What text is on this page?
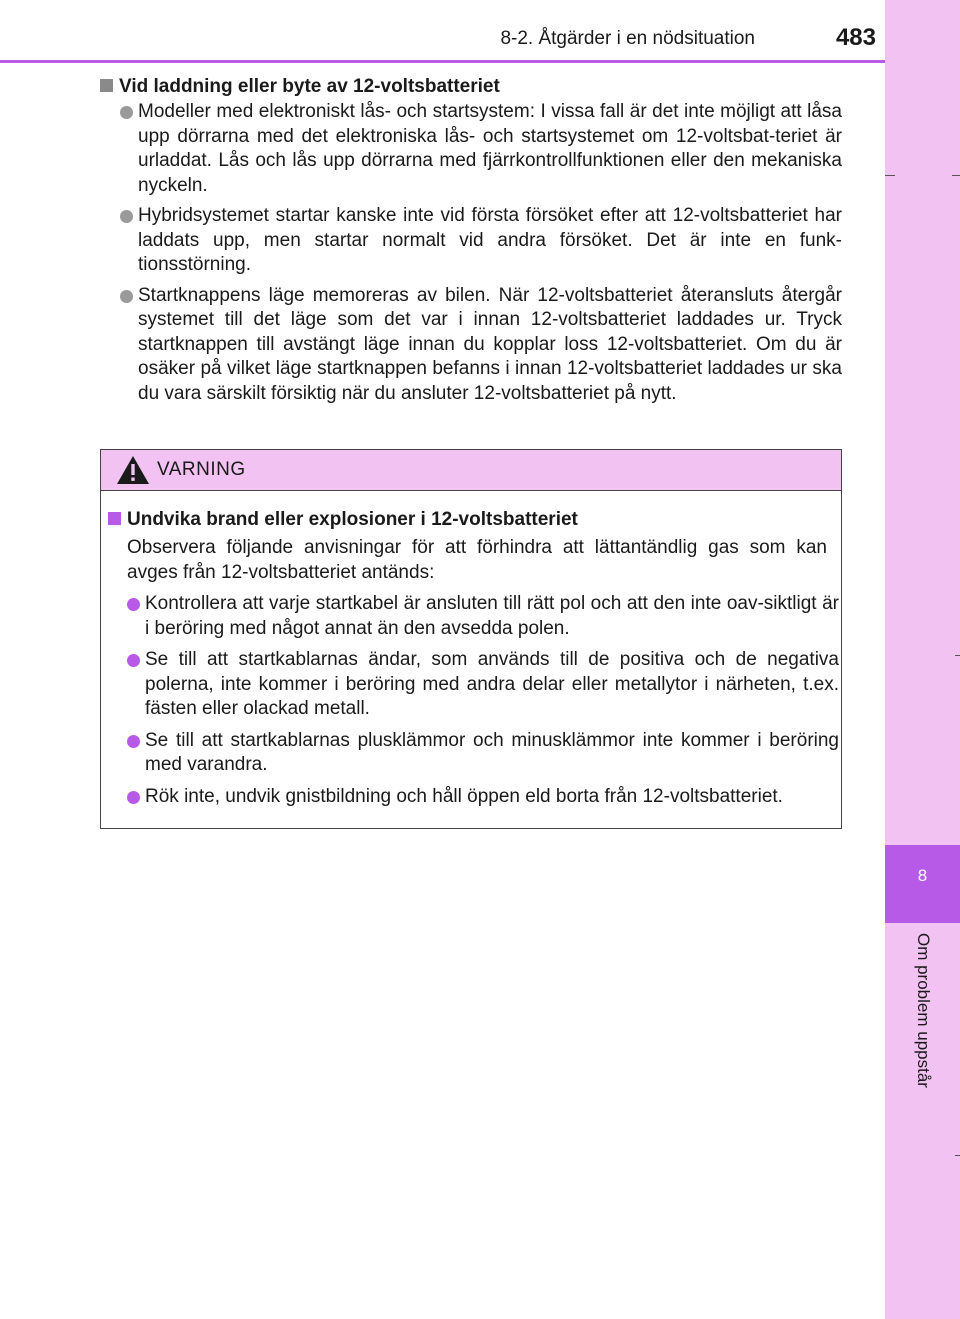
8
Om problem uppstår
8-2. Åtgärder i en nödsituation	483
Vid laddning eller byte av 12-voltsbatteriet
Modeller med elektroniskt lås- och startsystem: I vissa fall är det inte möjligt att låsa upp dörrarna med det elektroniska lås- och startsystemet om 12-voltsbat-teriet är urladdat. Lås och lås upp dörrarna med fjärrkontrollfunktionen eller den mekaniska nyckeln.
Hybridsystemet startar kanske inte vid första försöket efter att 12-voltsbatteriet har laddats upp, men startar normalt vid andra försöket. Det är inte en funk-tionsstörning.
Startknappens läge memoreras av bilen. När 12-voltsbatteriet återansluts återgår systemet till det läge som det var i innan 12-voltsbatteriet laddades ur. Tryck startknappen till avstängt läge innan du kopplar loss 12-voltsbatteriet. Om du är osäker på vilket läge startknappen befanns i innan 12-voltsbatteriet laddades ur ska du vara särskilt försiktig när du ansluter 12-voltsbatteriet på nytt.
VARNING
Undvika brand eller explosioner i 12-voltsbatteriet
Observera följande anvisningar för att förhindra att lättantändlig gas som kan avges från 12-voltsbatteriet antänds:
Kontrollera att varje startkabel är ansluten till rätt pol och att den inte oav-siktligt är i beröring med något annat än den avsedda polen.
Se till att startkablarnas ändar, som används till de positiva och de negativa polerna, inte kommer i beröring med andra delar eller metallytor i närheten, t.ex. fästen eller olackad metall.
Se till att startkablarnas plusklämmor och minusklämmor inte kommer i beröring med varandra.
Rök inte, undvik gnistbildning och håll öppen eld borta från 12-voltsbatteriet.
